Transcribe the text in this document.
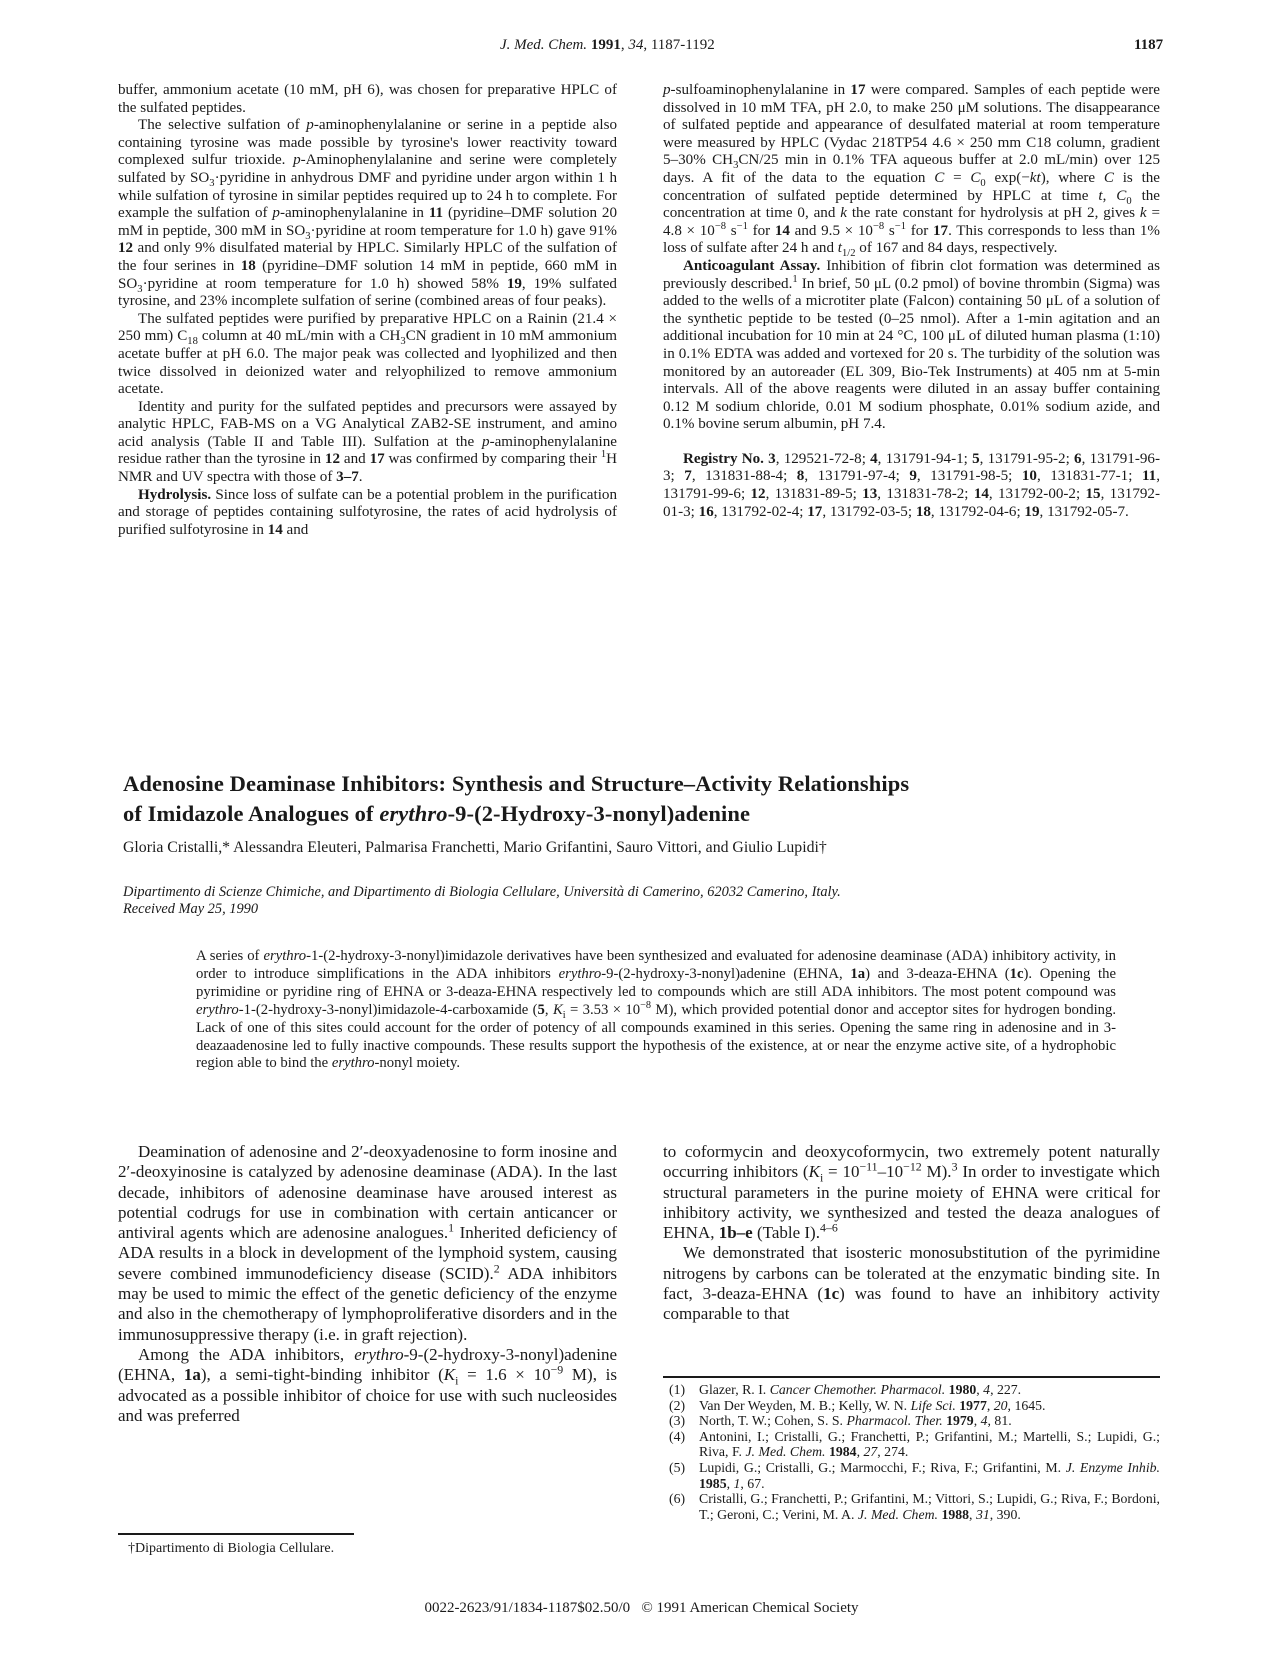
J. Med. Chem. 1991, 34, 1187-1192	1187

buffer, ammonium acetate (10 mM, pH 6), was chosen for preparative HPLC of the sulfated peptides.

The selective sulfation of p-aminophenylalanine or serine in a peptide also containing tyrosine was made possible by tyrosine's lower reactivity toward complexed sulfur trioxide. p-Aminophenylalanine and serine were completely sulfated by $SO_3\cdot pyridine$ in anhydrous DMF and pyridine under argon within 1 h while sulfation of tyrosine in similar peptides required up to 24 h to complete. For example the sulfation of p-aminophenylalanine in 11 (pyridine–DMF solution 20 mM in peptide, 300 mM in $SO_3\cdot pyridine$ at room temperature for 1.0 h) gave 91% 12 and only 9% disulfated material by HPLC. Similarly HPLC of the sulfation of the four serines in 18 (pyridine–DMF solution 14 mM in peptide, 660 mM in $SO_3\cdot pyridine$ at room temperature for 1.0 h) showed 58% 19, 19% sulfated tyrosine, and 23% incomplete sulfation of serine (combined areas of four peaks).

The sulfated peptides were purified by preparative HPLC on a Rainin (21.4 × 250 mm) $C_{18}$ column at 40 mL/min with a $CH_3CN$ gradient in 10 mM ammonium acetate buffer at pH 6.0. The major peak was collected and lyophilized and then twice dissolved in deionized water and relyophilized to remove ammonium acetate.

Identity and purity for the sulfated peptides and precursors were assayed by analytic HPLC, FAB-MS on a VG Analytical ZAB2-SE instrument, and amino acid analysis (Table II and Table III). Sulfation at the p-aminophenylalanine residue rather than the tyrosine in 12 and 17 was confirmed by comparing their $^1$H NMR and UV spectra with those of 3–7.

Hydrolysis. Since loss of sulfate can be a potential problem in the purification and storage of peptides containing sulfotyrosine, the rates of acid hydrolysis of purified sulfotyrosine in 14 and

p-sulfoaminophenylalanine in 17 were compared. Samples of each peptide were dissolved in 10 mM TFA, pH 2.0, to make 250 μM solutions. The disappearance of sulfated peptide and appearance of desulfated material at room temperature were measured by HPLC (Vydac 218TP54 4.6 × 250 mm C18 column, gradient 5–30% $CH_3CN/25$ min in 0.1% TFA aqueous buffer at 2.0 mL/min) over 125 days. A fit of the data to the equation $C = C_0$ exp(−kt), where C is the concentration of sulfated peptide determined by HPLC at time t, $C_0$ the concentration at time 0, and k the rate constant for hydrolysis at pH 2, gives $k = 4.8 \times 10^{-8}$ $s^{-1}$ for 14 and $9.5 \times 10^{-8}$ $s^{-1}$ for 17. This corresponds to less than 1% loss of sulfate after 24 h and $t_{1/2}$ of 167 and 84 days, respectively.

Anticoagulant Assay. Inhibition of fibrin clot formation was determined as previously described.$^1$ In brief, 50 μL (0.2 pmol) of bovine thrombin (Sigma) was added to the wells of a microtiter plate (Falcon) containing 50 μL of a solution of the synthetic peptide to be tested (0–25 nmol). After a 1-min agitation and an additional incubation for 10 min at 24 °C, 100 μL of diluted human plasma (1:10) in 0.1% EDTA was added and vortexed for 20 s. The turbidity of the solution was monitored by an autoreader (EL 309, Bio-Tek Instruments) at 405 nm at 5-min intervals. All of the above reagents were diluted in an assay buffer containing 0.12 M sodium chloride, 0.01 M sodium phosphate, 0.01% sodium azide, and 0.1% bovine serum albumin, pH 7.4.

Registry No. 3, 129521-72-8; 4, 131791-94-1; 5, 131791-95-2; 6, 131791-96-3; 7, 131831-88-4; 8, 131791-97-4; 9, 131791-98-5; 10, 131831-77-1; 11, 131791-99-6; 12, 131831-89-5; 13, 131831-78-2; 14, 131792-00-2; 15, 131792-01-3; 16, 131792-02-4; 17, 131792-03-5; 18, 131792-04-6; 19, 131792-05-7.

Adenosine Deaminase Inhibitors: Synthesis and Structure–Activity Relationships
of Imidazole Analogues of erythro-9-(2-Hydroxy-3-nonyl)adenine
Gloria Cristalli,* Alessandra Eleuteri, Palmarisa Franchetti, Mario Grifantini, Sauro Vittori, and Giulio Lupidi†
Dipartimento di Scienze Chimiche, and Dipartimento di Biologia Cellulare, Università di Camerino, 62032 Camerino, Italy.
Received May 25, 1990
A series of erythro-1-(2-hydroxy-3-nonyl)imidazole derivatives have been synthesized and evaluated for adenosine deaminase (ADA) inhibitory activity, in order to introduce simplifications in the ADA inhibitors erythro-9-(2-hydroxy-3-nonyl)adenine (EHNA, 1a) and 3-deaza-EHNA (1c). Opening the pyrimidine or pyridine ring of EHNA or 3-deaza-EHNA respectively led to compounds which are still ADA inhibitors. The most potent compound was erythro-1-(2-hydroxy-3-nonyl)imidazole-4-carboxamide (5, $K_i = 3.53 \times 10^{-8}$ M), which provided potential donor and acceptor sites for hydrogen bonding. Lack of one of this sites could account for the order of potency of all compounds examined in this series. Opening the same ring in adenosine and in 3-deazaadenosine led to fully inactive compounds. These results support the hypothesis of the existence, at or near the enzyme active site, of a hydrophobic region able to bind the erythro-nonyl moiety.

Deamination of adenosine and 2′-deoxyadenosine to form inosine and 2′-deoxyinosine is catalyzed by adenosine deaminase (ADA). In the last decade, inhibitors of adenosine deaminase have aroused interest as potential codrugs for use in combination with certain anticancer or antiviral agents which are adenosine analogues.$^1$ Inherited deficiency of ADA results in a block in development of the lymphoid system, causing severe combined immunodeficiency disease (SCID).$^2$ ADA inhibitors may be used to mimic the effect of the genetic deficiency of the enzyme and also in the chemotherapy of lymphoproliferative disorders and in the immunosuppressive therapy (i.e. in graft rejection).

Among the ADA inhibitors, erythro-9-(2-hydroxy-3-nonyl)adenine (EHNA, 1a), a semi-tight-binding inhibitor ($K_i = 1.6 \times 10^{-9}$ M), is advocated as a possible inhibitor of choice for use with such nucleosides and was preferred

to coformycin and deoxycoformycin, two extremely potent naturally occurring inhibitors ($K_i = 10^{-11}-10^{-12}$ M).$^3$ In order to investigate which structural parameters in the purine moiety of EHNA were critical for inhibitory activity, we synthesized and tested the deaza analogues of EHNA, 1b–e (Table I).$^{4-6}$

We demonstrated that isosteric monosubstitution of the pyrimidine nitrogens by carbons can be tolerated at the enzymatic binding site. In fact, 3-deaza-EHNA (1c) was found to have an inhibitory activity comparable to that

(1)	Glazer, R. I. Cancer Chemother. Pharmacol. 1980, 4, 227.
(2)	Van Der Weyden, M. B.; Kelly, W. N. Life Sci. 1977, 20, 1645.
(3)	North, T. W.; Cohen, S. S. Pharmacol. Ther. 1979, 4, 81.
(4)	Antonini, I.; Cristalli, G.; Franchetti, P.; Grifantini, M.; Martelli, S.; Lupidi, G.; Riva, F. J. Med. Chem. 1984, 27, 274.
(5)	Lupidi, G.; Cristalli, G.; Marmocchi, F.; Riva, F.; Grifantini, M. J. Enzyme Inhib. 1985, 1, 67.
(6)	Cristalli, G.; Franchetti, P.; Grifantini, M.; Vittori, S.; Lupidi, G.; Riva, F.; Bordoni, T.; Geroni, C.; Verini, M. A. J. Med. Chem. 1988, 31, 390.
†Dipartimento di Biologia Cellulare.
0022-2623/91/1834-1187$02.50/0 © 1991 American Chemical Society
